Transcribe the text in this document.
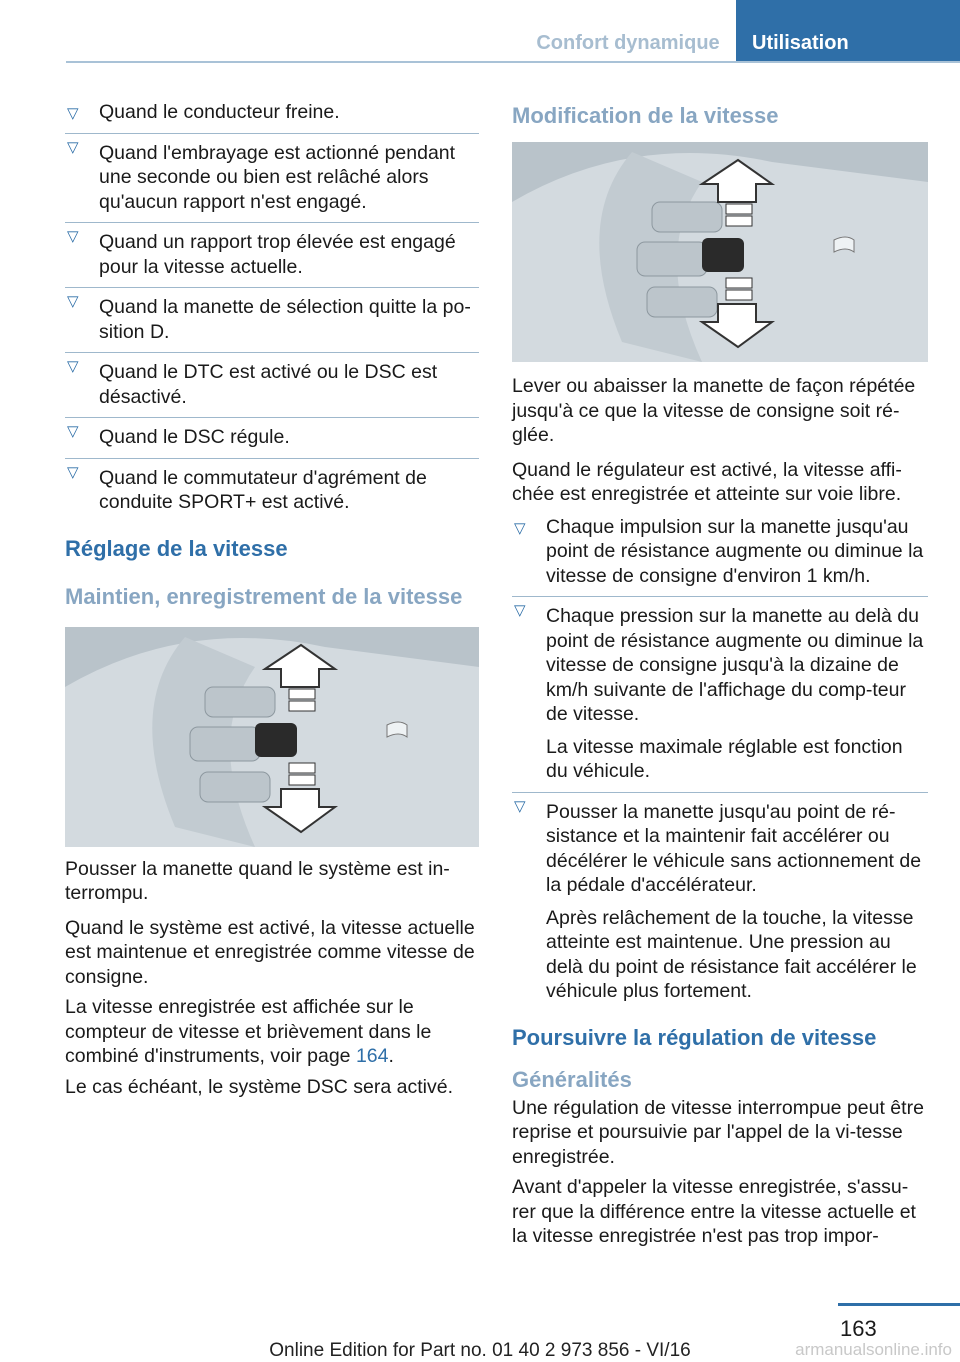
Confort dynamique	Utilisation
▽ Quand le conducteur freine.
▽ Quand l'embrayage est actionné pendant une seconde ou bien est relâché alors qu'aucun rapport n'est engagé.
▽ Quand un rapport trop élevée est engagé pour la vitesse actuelle.
▽ Quand la manette de sélection quitte la po‐sition D.
▽ Quand le DTC est activé ou le DSC est désactivé.
▽ Quand le DSC régule.
▽ Quand le commutateur d'agrément de conduite SPORT+ est activé.
Réglage de la vitesse
Maintien, enregistrement de la vitesse

Pousser la manette quand le système est in‐terrompu.

Quand le système est activé, la vitesse actuelle est maintenue et enregistrée comme vitesse de consigne.

La vitesse enregistrée est affichée sur le compteur de vitesse et brièvement dans le combiné d'instruments, voir page 164.

Le cas échéant, le système DSC sera activé.

Modification de la vitesse

Lever ou abaisser la manette de façon répétée jusqu'à ce que la vitesse de consigne soit ré‐glée.

Quand le régulateur est activé, la vitesse affi‐chée est enregistrée et atteinte sur voie libre.

▽ Chaque impulsion sur la manette jusqu'au point de résistance augmente ou diminue la vitesse de consigne d'environ 1 km/h.
▽ Chaque pression sur la manette au delà du point de résistance augmente ou diminue la vitesse de consigne jusqu'à la dizaine de km/h suivante de l'affichage du comp‐teur de vitesse.

La vitesse maximale réglable est fonction du véhicule.

▽ Pousser la manette jusqu'au point de ré‐sistance et la maintenir fait accélérer ou décélérer le véhicule sans actionnement de la pédale d'accélérateur.

Après relâchement de la touche, la vitesse atteinte est maintenue. Une pression au delà du point de résistance fait accélérer le véhicule plus fortement.

Poursuivre la régulation de vitesse
Généralités

Une régulation de vitesse interrompue peut être reprise et poursuivie par l'appel de la vi‐tesse enregistrée.

Avant d'appeler la vitesse enregistrée, s'assu‐rer que la différence entre la vitesse actuelle et la vitesse enregistrée n'est pas trop impor‐

163
Online Edition for Part no. 01 40 2 973 856 - VI/16	armanualsonline.info
